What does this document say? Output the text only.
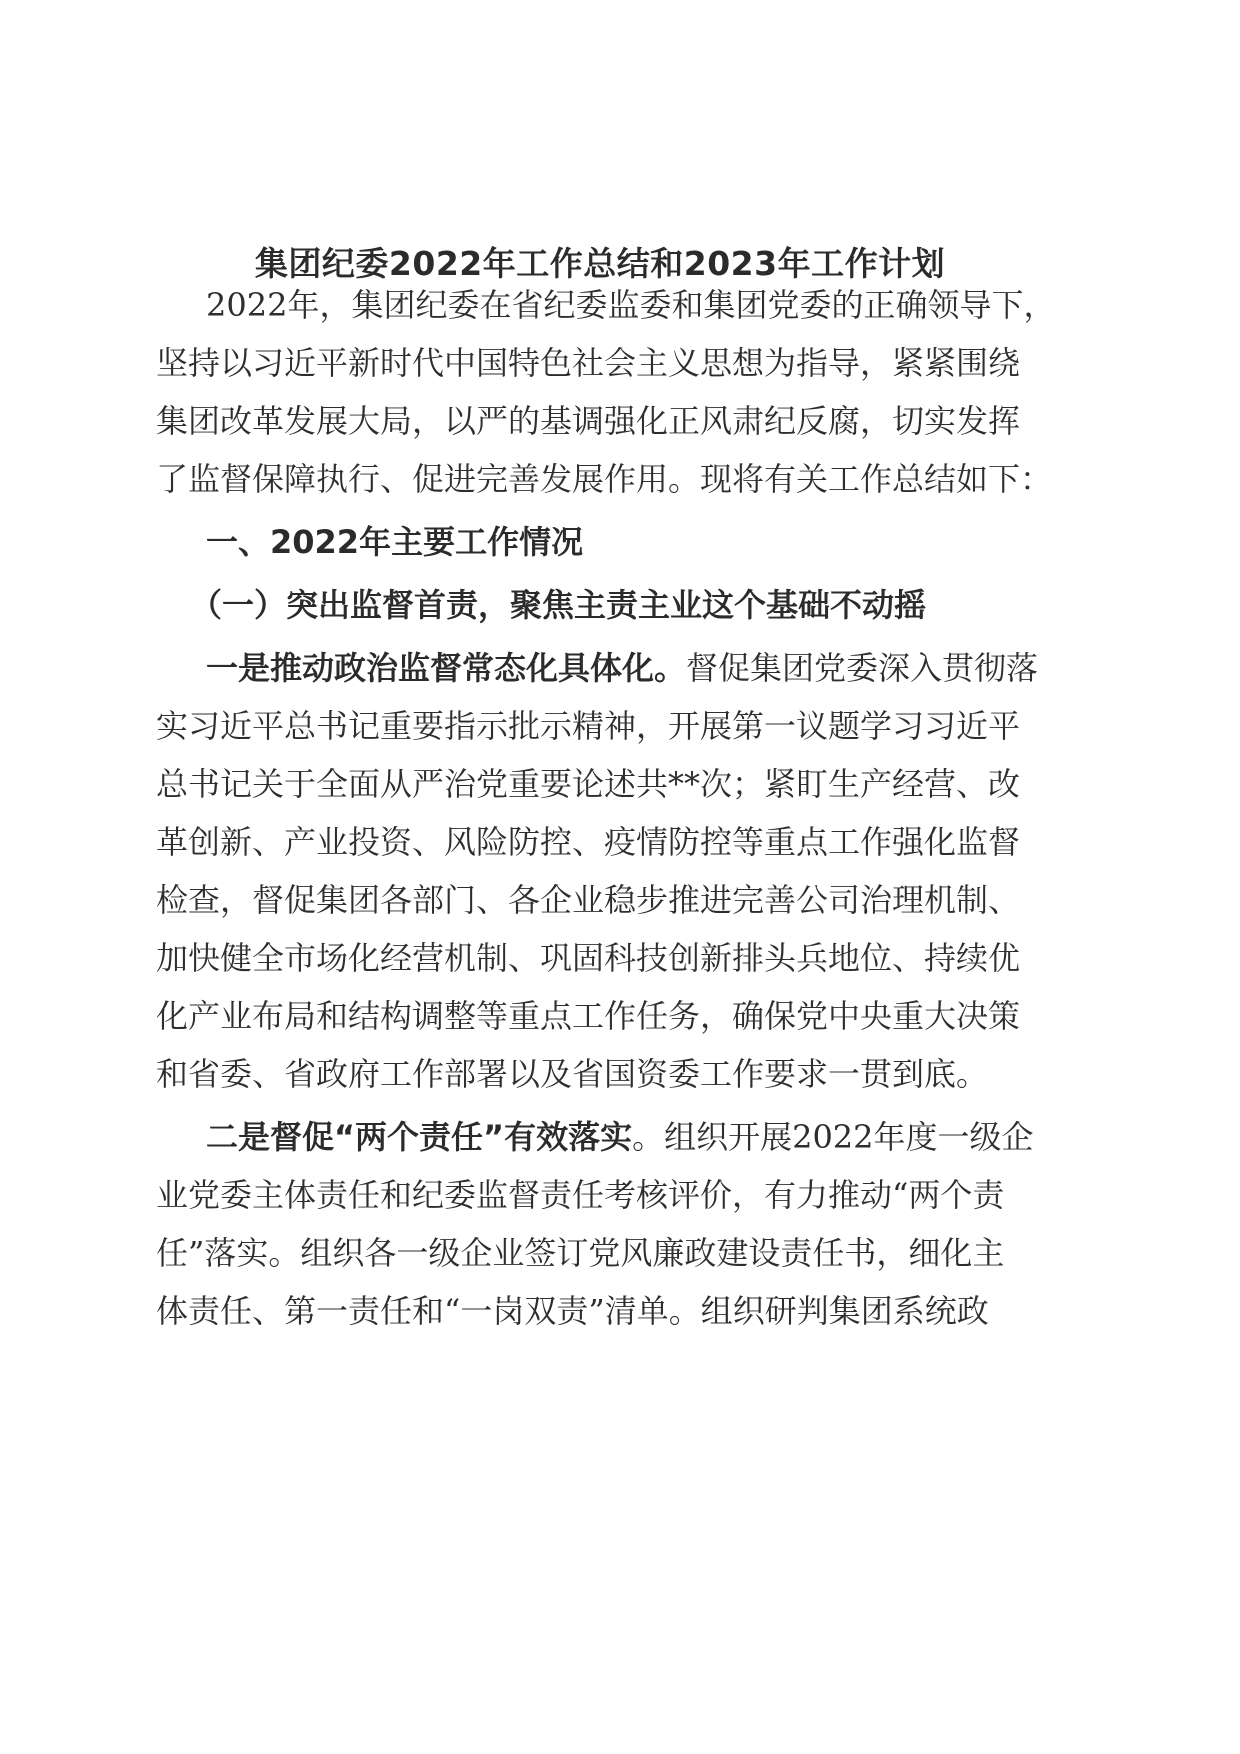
集团纪委2022年工作总结和2023年工作计划
2022年，集团纪委在省纪委监委和集团党委的正确领导下，
坚持以习近平新时代中国特色社会主义思想为指导，紧紧围绕
集团改革发展大局，以严的基调强化正风肃纪反腐，切实发挥
了监督保障执行、促进完善发展作用。现将有关工作总结如下：
一、2022年主要工作情况
（一）突出监督首责，聚焦主责主业这个基础不动摇
一是推动政治监督常态化具体化。督促集团党委深入贯彻落
实习近平总书记重要指示批示精神，开展第一议题学习习近平
总书记关于全面从严治党重要论述共**次；紧盯生产经营、改
革创新、产业投资、风险防控、疫情防控等重点工作强化监督
检查，督促集团各部门、各企业稳步推进完善公司治理机制、
加快健全市场化经营机制、巩固科技创新排头兵地位、持续优
化产业布局和结构调整等重点工作任务，确保党中央重大决策
和省委、省政府工作部署以及省国资委工作要求一贯到底。
二是督促“两个责任”有效落实。组织开展2022年度一级企
业党委主体责任和纪委监督责任考核评价，有力推动“两个责
任”落实。组织各一级企业签订党风廉政建设责任书，细化主
体责任、第一责任和“一岗双责”清单。组织研判集团系统政
